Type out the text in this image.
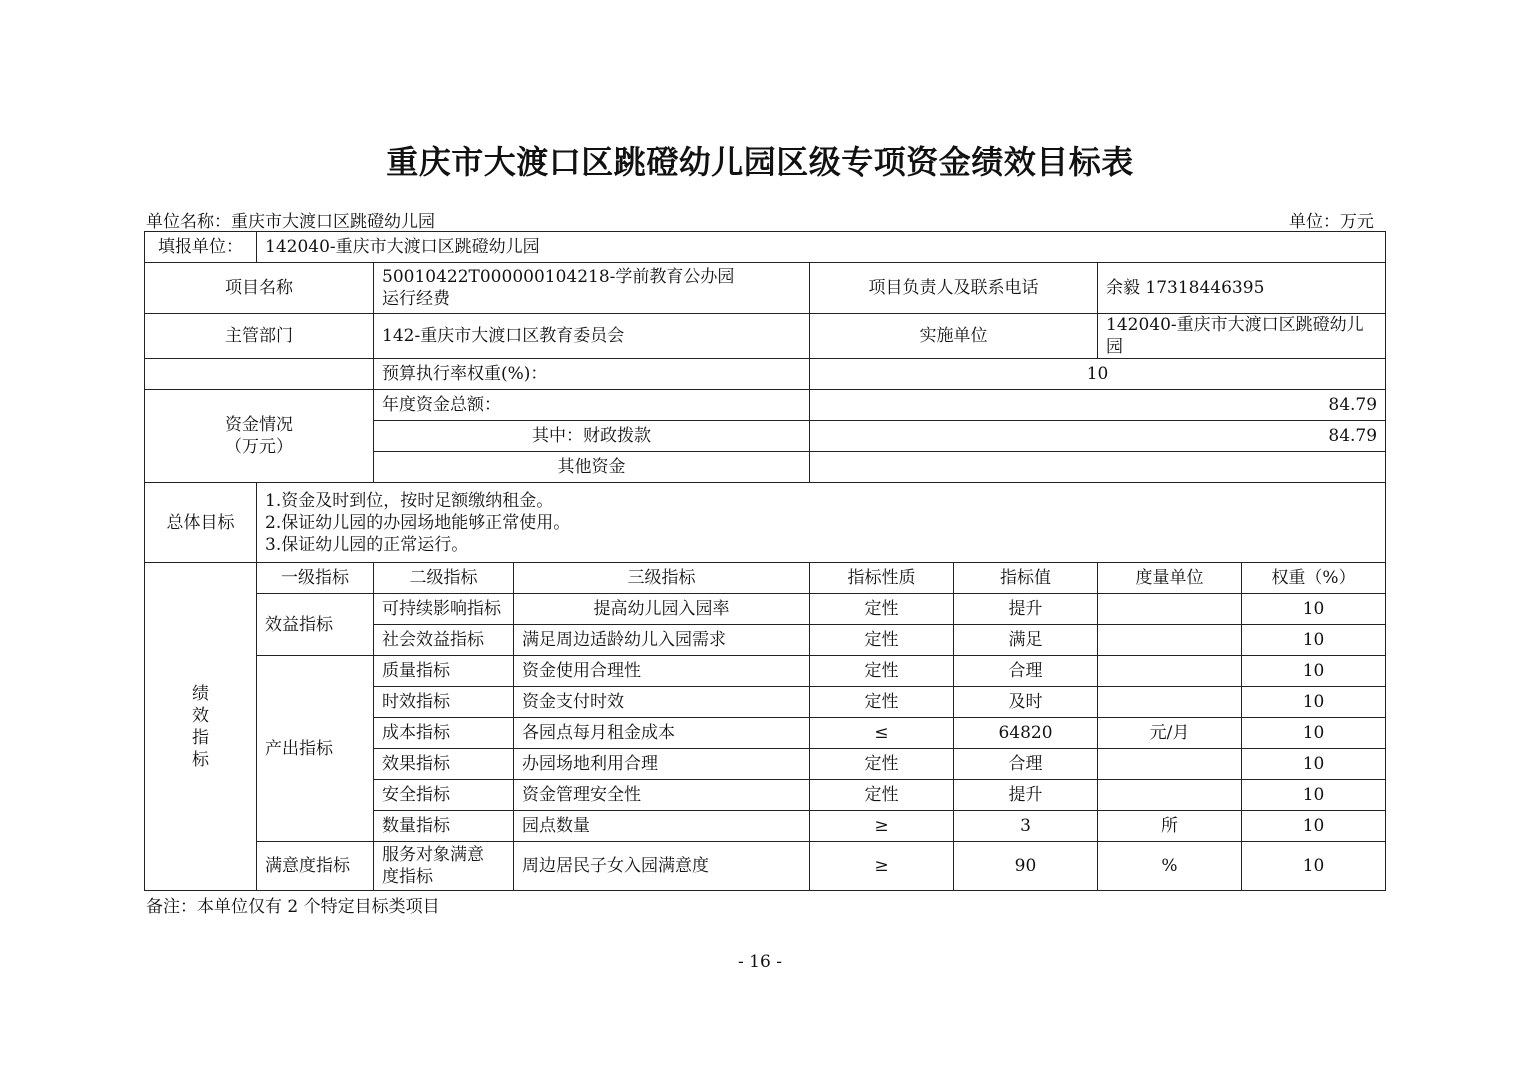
重庆市大渡口区跳磴幼儿园区级专项资金绩效目标表
单位名称：重庆市大渡口区跳磴幼儿园	单位：万元
填报单位：	142040-重庆市大渡口区跳磴幼儿园						
项目名称		50010422T000000104218-学前教育公办园
运行经费		项目负责人及联系电话		余毅 17318446395	
主管部门		142-重庆市大渡口区教育委员会		实施单位		142040-重庆市大渡口区跳磴幼儿园	
		预算执行率权重(%)：		10			

资金情况
（万元）		年度资金总额：		84.79			
		其中：财政拨款		84.79			
		其他资金					
总体目标	1.资金及时到位，按时足额缴纳租金。
2.保证幼儿园的办园场地能够正常使用。
3.保证幼儿园的正常运行。						

绩
效
指
标	一级指标	二级指标	三级指标	指标性质	指标值	度量单位	权重（%）
	效益指标	可持续影响指标	提高幼儿园入园率	定性	提升		10
		社会效益指标	满足周边适龄幼儿入园需求	定性	满足		10
	产出指标	质量指标	资金使用合理性	定性	合理		10
		时效指标	资金支付时效	定性	及时		10
		成本指标	各园点每月租金成本	≤	64820	元/月	10
		效果指标	办园场地利用合理	定性	合理		10
		安全指标	资金管理安全性	定性	提升		10
		数量指标	园点数量	≥	3	所	10
	满意度指标	服务对象满意
度指标	周边居民子女入园满意度	≥	90	%	10
备注：本单位仅有 2 个特定目标类项目
- 16 -
